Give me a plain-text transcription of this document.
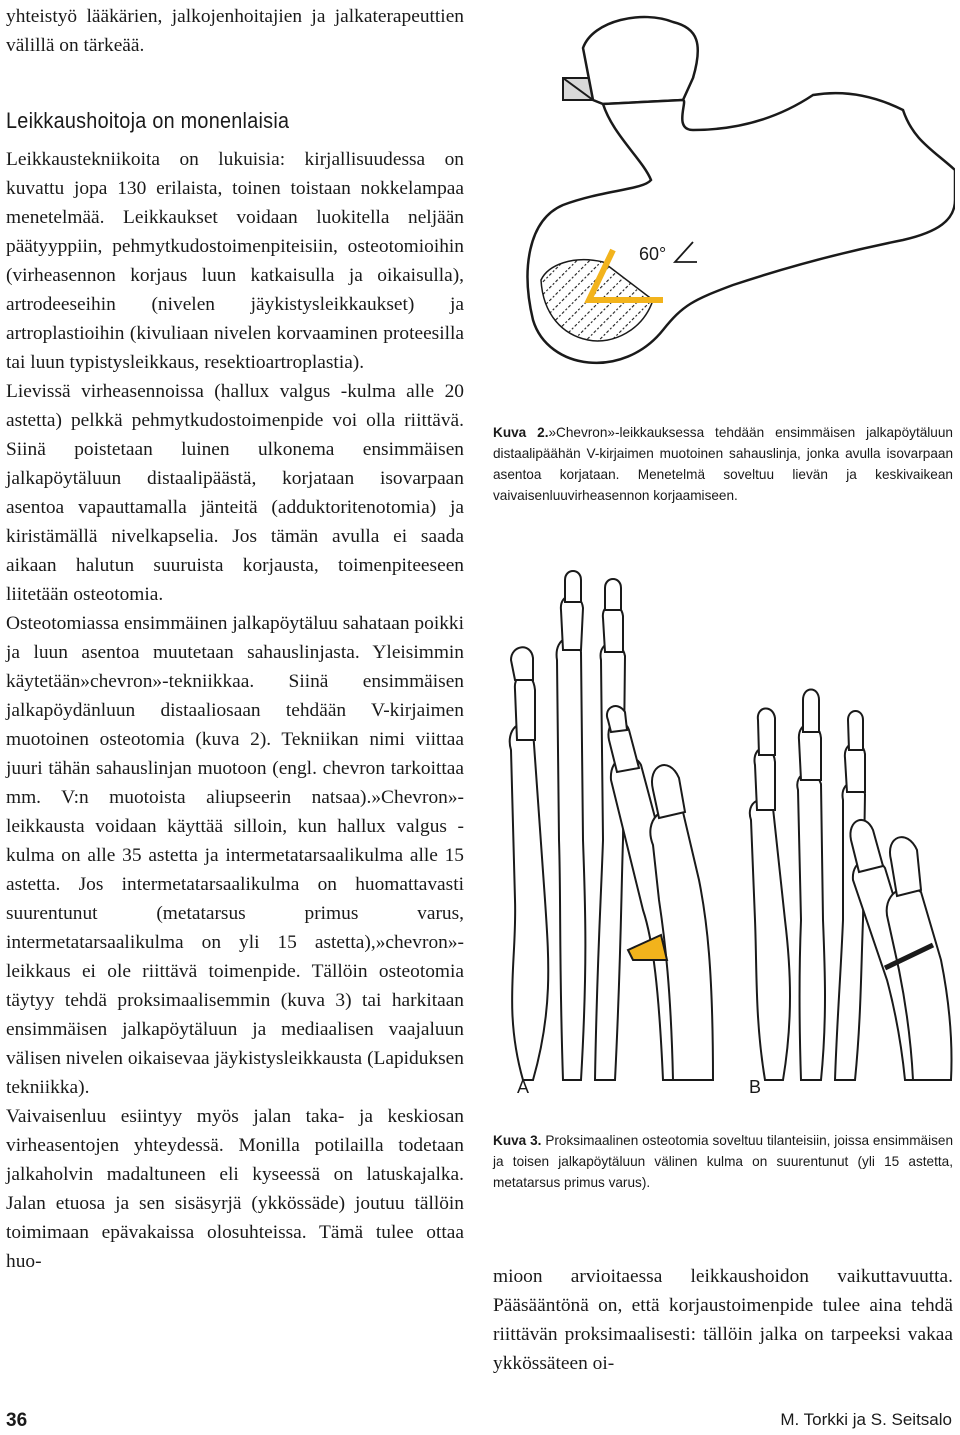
yhteistyö lääkärien, jalkojenhoitajien ja jalkaterapeuttien välillä on tärkeää.

Leikkaushoitoja on monenlaisia

Leikkaustekniikoita on lukuisia: kirjallisuudessa on kuvattu jopa 130 erilaista, toinen toistaan nokkelampaa menetelmää. Leikkaukset voidaan luokitella neljään päätyyppiin, pehmytkudostoimenpiteisiin, osteotomioihin (virheasennon korjaus luun katkaisulla ja oikaisulla), artrodeeseihin (nivelen jäykistysleikkaukset) ja artroplastioihin (kivuliaan nivelen korvaaminen proteesilla tai luun typistysleikkaus, resektioartroplastia).

Lievissä virheasennoissa (hallux valgus -kulma alle 20 astetta) pelkkä pehmytkudostoimenpide voi olla riittävä. Siinä poistetaan luinen ulkonema ensimmäisen jalkapöytäluun distaalipäästä, korjataan isovarpaan asentoa vapauttamalla jänteitä (adduktoritenotomia) ja kiristämällä nivelkapselia. Jos tämän avulla ei saada aikaan halutun suuruista korjausta, toimenpiteeseen liitetään osteotomia.

Osteotomiassa ensimmäinen jalkapöytäluu sahataan poikki ja luun asentoa muutetaan sahauslinjasta. Yleisimmin käytetään»chevron»-tekniikkaa. Siinä ensimmäisen jalkapöydänluun distaaliosaan tehdään V-kirjaimen muotoinen osteotomia (kuva 2). Tekniikan nimi viittaa juuri tähän sahauslinjan muotoon (engl. chevron tarkoittaa mm. V:n muotoista aliupseerin natsaa).»Chevron»-leikkausta voidaan käyttää silloin, kun hallux valgus -kulma on alle 35 astetta ja intermetatarsaalikulma alle 15 astetta. Jos intermetatarsaalikulma on huomattavasti suurentunut (metatarsus primus varus, intermetatarsaalikulma on yli 15 astetta),»chevron»-leikkaus ei ole riittävä toimenpide. Tällöin osteotomia täytyy tehdä proksimaalisemmin (kuva 3) tai harkitaan ensimmäisen jalkapöytäluun ja mediaalisen vaajaluun välisen nivelen oikaisevaa jäykistysleikkausta (Lapiduksen tekniikka).

Vaivaisenluu esiintyy myös jalan taka- ja keskiosan virheasentojen yhteydessä. Monilla potilailla todetaan jalkaholvin madaltuneen eli kyseessä on latuskajalka. Jalan etuosa ja sen sisäsyrjä (ykkössäde) joutuu tällöin toimimaan epävakaissa olosuhteissa. Tämä tulee ottaa huo-

60°
Kuva 2.»Chevron»-leikkauksessa tehdään ensimmäisen jalkapöytäluun distaalipäähän V-kirjaimen muotoinen sahauslinja, jonka avulla isovarpaan asentoa korjataan. Menetelmä soveltuu lievän ja keskivaikean vaivaisenluuvirheasennon korjaamiseen.
A	B
Kuva 3. Proksimaalinen osteotomia soveltuu tilanteisiin, joissa ensimmäisen ja toisen jalkapöytäluun välinen kulma on suurentunut (yli 15 astetta, metatarsus primus varus).

mioon arvioitaessa leikkaushoidon vaikuttavuutta. Pääsääntönä on, että korjaustoimenpide tulee aina tehdä riittävän proksimaalisesti: tällöin jalka on tarpeeksi vakaa ykkössäteen oi-

36	M. Torkki ja S. Seitsalo
